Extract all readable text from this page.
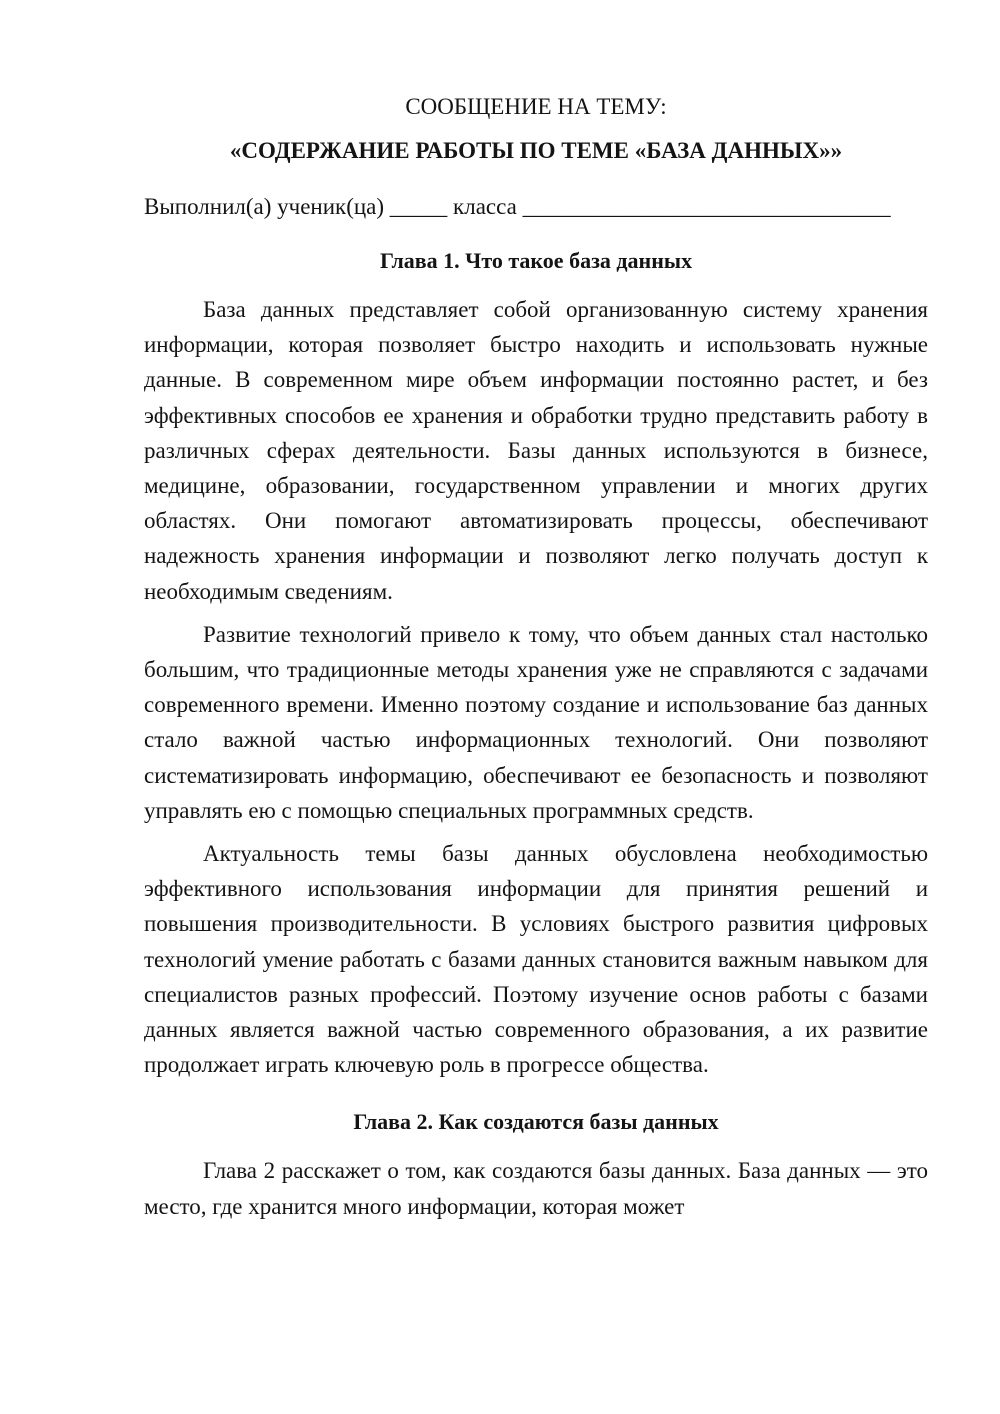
СООБЩЕНИЕ НА ТЕМУ:
«СОДЕРЖАНИЕ РАБОТЫ ПО ТЕМЕ «БАЗА ДАННЫХ»»

Выполнил(а) ученик(ца) _____ класса ________________________________

Глава 1. Что такое база данных

База данных представляет собой организованную систему хранения информации, которая позволяет быстро находить и использовать нужные данные. В современном мире объем информации постоянно растет, и без эффективных способов ее хранения и обработки трудно представить работу в различных сферах деятельности. Базы данных используются в бизнесе, медицине, образовании, государственном управлении и многих других областях. Они помогают автоматизировать процессы, обеспечивают надежность хранения информации и позволяют легко получать доступ к необходимым сведениям.

Развитие технологий привело к тому, что объем данных стал настолько большим, что традиционные методы хранения уже не справляются с задачами современного времени. Именно поэтому создание и использование баз данных стало важной частью информационных технологий. Они позволяют систематизировать информацию, обеспечивают ее безопасность и позволяют управлять ею с помощью специальных программных средств.

Актуальность темы базы данных обусловлена необходимостью эффективного использования информации для принятия решений и повышения производительности. В условиях быстрого развития цифровых технологий умение работать с базами данных становится важным навыком для специалистов разных профессий. Поэтому изучение основ работы с базами данных является важной частью современного образования, а их развитие продолжает играть ключевую роль в прогрессе общества.

Глава 2. Как создаются базы данных

Глава 2 расскажет о том, как создаются базы данных. База данных — это место, где хранится много информации, которая может
